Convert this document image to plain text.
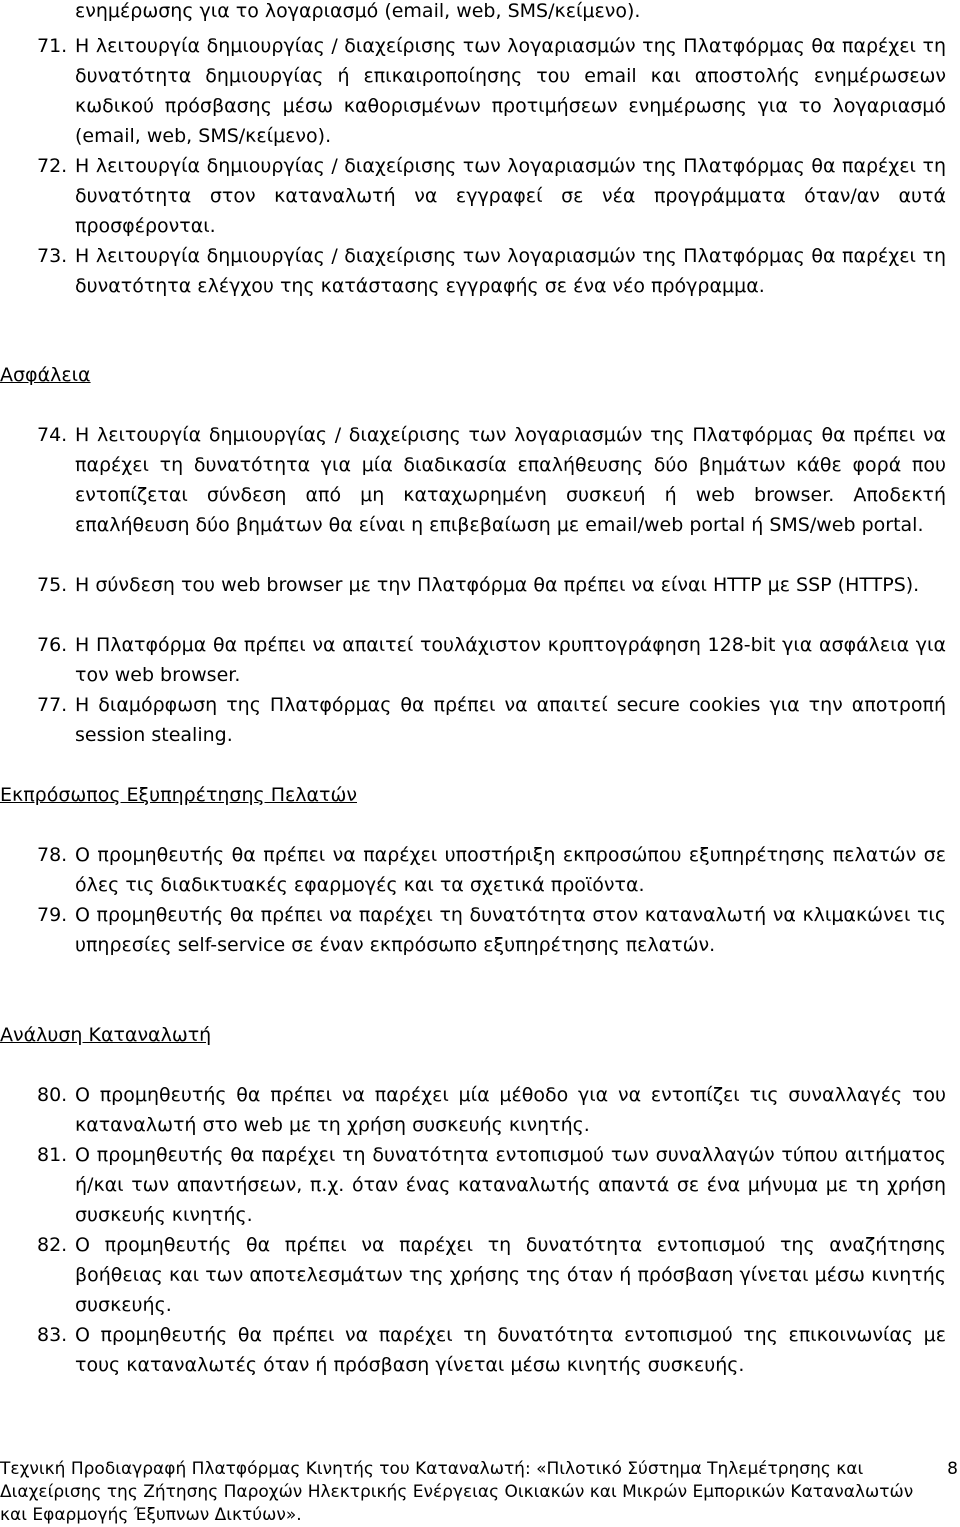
ενημέρωσης για το λογαριασμό (email, web, SMS/κείμενο).
71. Η λειτουργία δημιουργίας / διαχείρισης των λογαριασμών της Πλατφόρμας θα παρέχει τη δυνατότητα δημιουργίας ή επικαιροποίησης του email και αποστολής ενημέρωσεων κωδικού πρόσβασης μέσω καθορισμένων προτιμήσεων ενημέρωσης για το λογαριασμό (email, web, SMS/κείμενο).
72. Η λειτουργία δημιουργίας / διαχείρισης των λογαριασμών της Πλατφόρμας θα παρέχει τη δυνατότητα στον καταναλωτή να εγγραφεί σε νέα προγράμματα όταν/αν αυτά προσφέρονται.
73. Η λειτουργία δημιουργίας / διαχείρισης των λογαριασμών της Πλατφόρμας θα παρέχει τη δυνατότητα ελέγχου της κατάστασης εγγραφής σε ένα νέο πρόγραμμα.
Ασφάλεια
74. Η λειτουργία δημιουργίας / διαχείρισης των λογαριασμών της Πλατφόρμας θα πρέπει να παρέχει τη δυνατότητα για μία διαδικασία επαλήθευσης δύο βημάτων κάθε φορά που εντοπίζεται σύνδεση από μη καταχωρημένη συσκευή ή web browser. Αποδεκτή επαλήθευση δύο βημάτων θα είναι η επιβεβαίωση με email/web portal ή SMS/web portal.
75. Η σύνδεση του web browser με την Πλατφόρμα θα πρέπει να είναι HTTP με SSP (HTTPS).
76. Η Πλατφόρμα θα πρέπει να απαιτεί τουλάχιστον κρυπτογράφηση 128-bit για ασφάλεια για τον web browser.
77. Η διαμόρφωση της Πλατφόρμας θα πρέπει να απαιτεί secure cookies για την αποτροπή session stealing.
Εκπρόσωπος Εξυπηρέτησης Πελατών
78. Ο προμηθευτής θα πρέπει να παρέχει υποστήριξη εκπροσώπου εξυπηρέτησης πελατών σε όλες τις διαδικτυακές εφαρμογές και τα σχετικά προϊόντα.
79. Ο προμηθευτής θα πρέπει να παρέχει τη δυνατότητα στον καταναλωτή να κλιμακώνει τις υπηρεσίες self-service σε έναν εκπρόσωπο εξυπηρέτησης πελατών.
Ανάλυση Καταναλωτή
80. Ο προμηθευτής θα πρέπει να παρέχει μία μέθοδο για να εντοπίζει τις συναλλαγές του καταναλωτή στο web με τη χρήση συσκευής κινητής.
81. Ο προμηθευτής θα παρέχει τη δυνατότητα εντοπισμού των συναλλαγών τύπου αιτήματος ή/και των απαντήσεων, π.χ. όταν ένας καταναλωτής απαντά σε ένα μήνυμα με τη χρήση συσκευής κινητής.
82. Ο προμηθευτής θα πρέπει να παρέχει τη δυνατότητα εντοπισμού της αναζήτησης βοήθειας και των αποτελεσμάτων της χρήσης της όταν ή πρόσβαση γίνεται μέσω κινητής συσκευής.
83. Ο προμηθευτής θα πρέπει να παρέχει τη δυνατότητα εντοπισμού της επικοινωνίας με τους καταναλωτές όταν ή πρόσβαση γίνεται μέσω κινητής συσκευής.
Τεχνική Προδιαγραφή Πλατφόρμας Κινητής του Καταναλωτή: «Πιλοτικό Σύστημα Τηλεμέτρησης και Διαχείρισης της Ζήτησης Παροχών Ηλεκτρικής Ενέργειας Οικιακών και Μικρών Εμπορικών Καταναλωτών και Εφαρμογής Έξυπνων Δικτύων».
8
